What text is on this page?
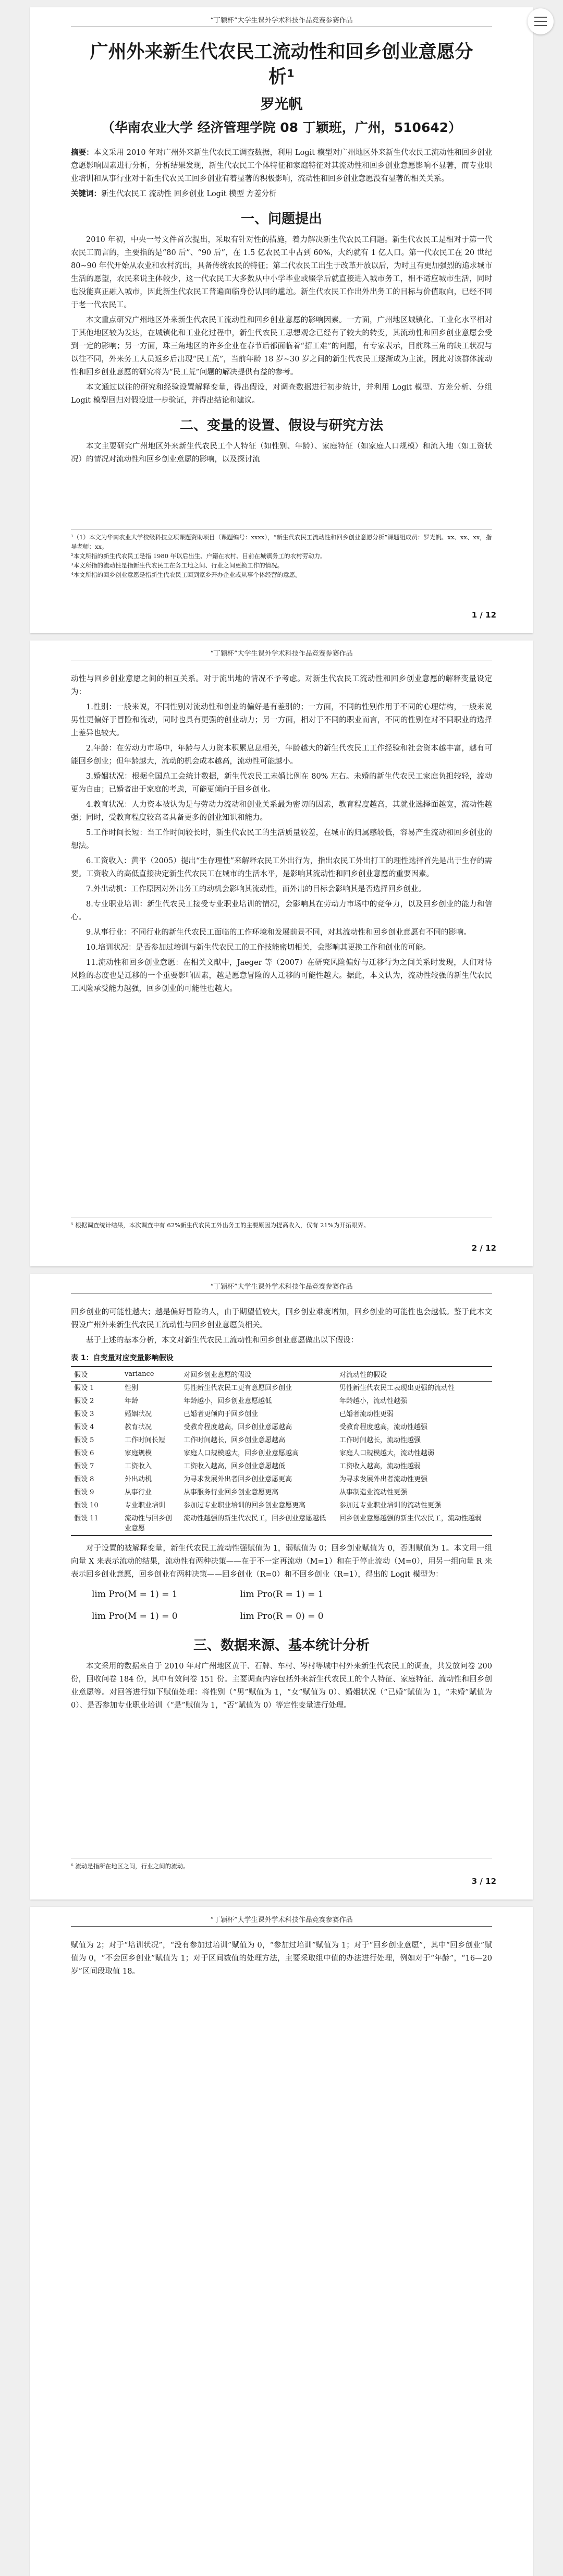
“丁颖杯”大学生课外学术科技作品竞赛参赛作品
广州外来新生代农民工流动性和回乡创业意愿分析¹
罗光帆
（华南农业大学 经济管理学院 08 丁颖班，广州，510642）

摘要：本文采用 2010 年对广州外来新生代农民工调查数据，利用 Logit 模型对广州地区外来新生代农民工流动性和回乡创业意愿影响因素进行分析，分析结果发现，新生代农民工个体特征和家庭特征对其流动性和回乡创业意愿影响不显著，而专业职业培训和从事行业对于新生代农民工回乡创业有着显著的积极影响，流动性和回乡创业意愿没有显著的相关关系。

关键词：新生代农民工 流动性 回乡创业 Logit 模型 方差分析

一、问题提出

2010 年初，中央一号文件首次提出，采取有针对性的措施，着力解决新生代农民工问题。新生代农民工是相对于第一代农民工而言的，主要指的是“80 后”、“90 后”，在 1.5 亿农民工中占到 60%，大约就有 1 亿人口。第一代农民工在 20 世纪 80~90 年代开始从农业和农村流出，具备传统农民的特征；第二代农民工出生于改革开放以后，为时且有更加强烈的追求城市生活的愿望，农民来说主体较少，这一代农民工大多数从中小学毕业或辍学后就直接进入城市务工，相不适应城市生活，同时也没能真正融入城市，因此新生代农民工普遍面临身份认同的尴尬。新生代农民工作出外出务工的目标与价值取向，已经不同于老一代农民工。

本文重点研究广州地区外来新生代农民工流动性和回乡创业意愿的影响因素。一方面，广州地区城镇化、工业化水平相对于其他地区较为发达，在城镇化和工业化过程中，新生代农民工思想观念已经有了较大的转变，其流动性和回乡创业意愿会受到一定的影响；另一方面，珠三角地区的许多企业在春节后都面临着“招工难”的问题，有专家表示，目前珠三角的缺工状况与以往不同，外来务工人员返乡后出现“民工荒”，当前年龄 18 岁~30 岁之间的新生代农民工逐渐成为主流，因此对该群体流动性和回乡创业意愿的研究将为“民工荒”问题的解决提供有益的参考。

本文通过以往的研究和经验设置解释变量，得出假设，对调查数据进行初步统计，并利用 Logit 模型、方差分析、分组 Logit 模型回归对假设进一步验证，并得出结论和建议。

二、变量的设置、假设与研究方法

本文主要研究广州地区外来新生代农民工个人特征（如性别、年龄）、家庭特征（如家庭人口规模）和流入地（如工资状况）的情况对流动性和回乡创业意愿的影响，以及探讨流

¹（1）本文为华南农业大学校级科技立项课题资助项目（课题编号：xxxx），“新生代农民工流动性和回乡创业意愿分析”课题组成员：罗光帆、xx、xx、xx，指导老师：xx。

²本文所指的新生代农民工是指 1980 年以后出生、户籍在农村、目前在城镇务工的农村劳动力。

³本文所指的流动性是指新生代农民工在务工地之间、行业之间更换工作的情况。

⁴本文所指的回乡创业意愿是指新生代农民工回到家乡开办企业或从事个体经营的意愿。

1 / 12
“丁颖杯”大学生课外学术科技作品竞赛参赛作品

动性与回乡创业意愿之间的相互关系。对于流出地的情况不予考虑。对新生代农民工流动性和回乡创业意愿的解释变量设定为：

1.性别：一般来说，不同性别对流动性和创业的偏好是有差别的；一方面，不同的性别作用于不同的心理结构，一般来说男性更偏好于冒险和流动，同时也具有更强的创业动力；另一方面，相对于不同的职业而言，不同的性别在对不同职业的选择上差异也较大。

2.年龄：在劳动力市场中，年龄与人力资本积累息息相关，年龄越大的新生代农民工工作经验和社会资本越丰富，越有可能回乡创业；但年龄越大，流动的机会成本越高，流动性可能越小。

3.婚姻状况：根据全国总工会统计数据，新生代农民工未婚比例在 80% 左右。未婚的新生代农民工家庭负担较轻，流动更为自由；已婚者出于家庭的考虑，可能更倾向于回乡创业。

4.教育状况：人力资本被认为是与劳动力流动和创业关系最为密切的因素，教育程度越高，其就业选择面越宽，流动性越强；同时，受教育程度较高者具备更多的创业知识和能力。

5.工作时间长短：当工作时间较长时，新生代农民工的生活质量较差，在城市的归属感较低，容易产生流动和回乡创业的想法。

6.工资收入：黄平（2005）提出“生存理性”来解释农民工外出行为，指出农民工外出打工的理性选择首先是出于生存的需要。工资收入的高低直接决定新生代农民工在城市的生活水平，是影响其流动性和回乡创业意愿的重要因素。

7.外出动机：工作原因对外出务工的动机会影响其流动性，而外出的目标会影响其是否选择回乡创业。

8.专业职业培训：新生代农民工接受专业职业培训的情况，会影响其在劳动力市场中的竞争力，以及回乡创业的能力和信心。

9.从事行业：不同行业的新生代农民工面临的工作环境和发展前景不同，对其流动性和回乡创业意愿有不同的影响。

10.培训状况：是否参加过培训与新生代农民工的工作技能密切相关，会影响其更换工作和创业的可能。

11.流动性和回乡创业意愿：在相关文献中，Jaeger 等（2007）在研究风险偏好与迁移行为之间关系时发现，人们对待风险的态度也是迁移的一个重要影响因素，越是愿意冒险的人迁移的可能性越大。据此，本文认为，流动性较强的新生代农民工风险承受能力越强，回乡创业的可能性也越大。

⁵ 根据调查统计结果，本次调查中有 62%新生代农民工外出务工的主要原因为提高收入，仅有 21%为开拓眼界。

2 / 12
“丁颖杯”大学生课外学术科技作品竞赛参赛作品

回乡创业的可能性越大；越是偏好冒险的人，由于期望值较大，回乡创业难度增加，回乡创业的可能性也会越低。鉴于此本文假设广州外来新生代农民工流动性与回乡创业意愿负相关。

基于上述的基本分析，本文对新生代农民工流动性和回乡创业意愿做出以下假设：

表 1：自变量对应变量影响假设
假设	variance	对回乡创业意愿的假设	对流动性的假设
假设 1	性别	男性新生代农民工更有意愿回乡创业	男性新生代农民工表现出更强的流动性
假设 2	年龄	年龄越小，回乡创业意愿越低	年龄越小，流动性越强
假设 3	婚姻状况	已婚者更倾向于回乡创业	已婚者流动性更弱
假设 4	教育状况	受教育程度越高，回乡创业意愿越高	受教育程度越高，流动性越强
假设 5	工作时间长短	工作时间越长，回乡创业意愿越高	工作时间越长，流动性越强
假设 6	家庭规模	家庭人口规模越大，回乡创业意愿越高	家庭人口规模越大，流动性越弱
假设 7	工资收入	工资收入越高，回乡创业意愿越低	工资收入越高，流动性越弱
假设 8	外出动机	为寻求发展外出者回乡创业意愿更高	为寻求发展外出者流动性更强
假设 9	从事行业	从事服务行业回乡创业意愿更高	从事制造业流动性更强
假设 10	专业职业培训	参加过专业职业培训的回乡创业意愿更高	参加过专业职业培训的流动性更强
假设 11	流动性与回乡创业意愿	流动性越强的新生代农民工，回乡创业意愿越低	回乡创业意愿越强的新生代农民工，流动性越弱

对于设置的被解释变量，新生代农民工流动性强赋值为 1，弱赋值为 0；回乡创业赋值为 0，否则赋值为 1。本文用一组向量 X 来表示流动的结果，流动性有两种决策——在于不一定再流动（M=1）和在于停止流动（M=0），用另一组向量 R 来表示回乡创业意愿，回乡创业有两种决策——回乡创业（R=0）和不回乡创业（R=1），得出的 Logit 模型为：

lim Pro(M = 1) = 1	lim Pro(R = 1) = 1
lim Pro(M = 1) = 0	lim Pro(R = 0) = 0
三、数据来源、基本统计分析

本文采用的数据来自于 2010 年对广州地区黄干、石牌、车村、岑村等城中村外来新生代农民工的调查，共发放问卷 200 份，回收问卷 184 份，其中有效问卷 151 份。主要调查内容包括外来新生代农民工的个人特征、家庭特征、流动性和回乡创业意愿等。对回答进行如下赋值处理：将性别（“男”赋值为 1，“女”赋值为 0）、婚姻状况（“已婚”赋值为 1，“未婚”赋值为 0）、是否参加专业职业培训（“是”赋值为 1，“否”赋值为 0）等定性变量进行处理。

⁶ 流动是指所在地区之间，行业之间的流动。

3 / 12
“丁颖杯”大学生课外学术科技作品竞赛参赛作品

赋值为 2；对于“培训状况”，“没有参加过培训”赋值为 0，“参加过培训”赋值为 1；对于“回乡创业意愿”，其中“回乡创业”赋值为 0，“不会回乡创业”赋值为 1；对于区间数值的处理方法，主要采取组中值的办法进行处理，例如对于“年龄”，“16—20 岁”区间段取值 18。
